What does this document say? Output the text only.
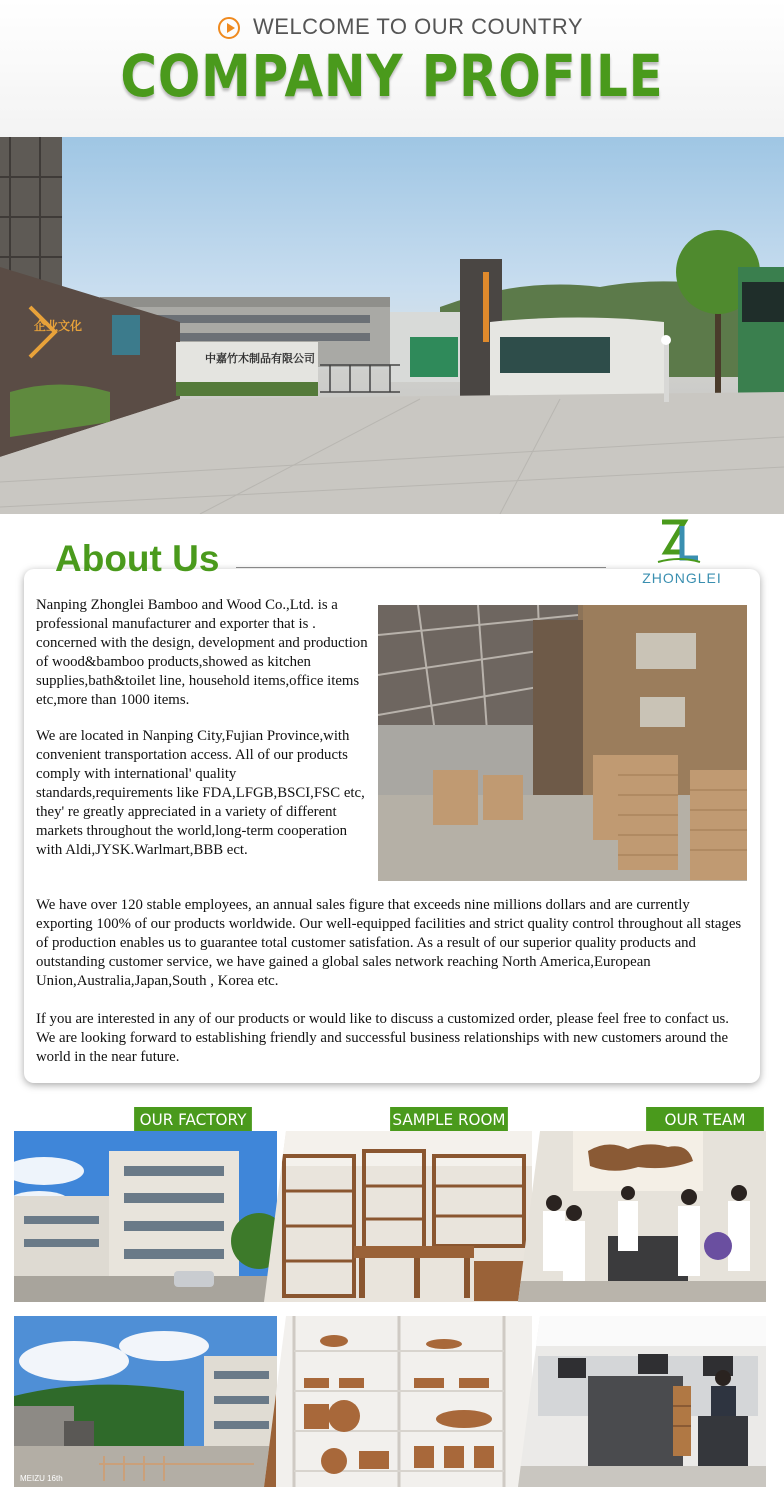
WELCOME TO OUR COUNTRY
COMPANY PROFILE
中嘉竹木制品有限公司
企业文化
About Us	ZHONGLEI

Nanping Zhonglei Bamboo and Wood Co.,Ltd. is a professional manufacturer and exporter that is . concerned with the design, development and production of wood&bamboo products,showed as kitchen supplies,bath&toilet line, household items,office items etc,more than 1000 items.

We are located in Nanping City,Fujian Province,with convenient transportation access. All of our products comply with international' quality standards,requirements like FDA,LFGB,BSCI,FSC etc, they' re greatly appreciated in a variety of different markets throughout the world,long-term cooperation with Aldi,JYSK.Warlmart,BBB ect.

We have over 120 stable employees, an annual sales figure that exceeds nine millions dollars and are currently exporting 100% of our products worldwide. Our well-equipped facilities and strict quality control throughout all stages of production enables us to guarantee total customer satisfation. As a result of our superior quality products and outstanding customer service, we have gained a global sales network reaching North America,European Union,Australia,Japan,South , Korea etc.

If you are interested in any of our products or would like to discuss a customized order, please feel free to confact us. We are looking forward to establishing friendly and successful business relationships with new customers around the world in the near future.

OUR FACTORY	SAMPLE ROOM	OUR TEAM
MEIZU 16th
